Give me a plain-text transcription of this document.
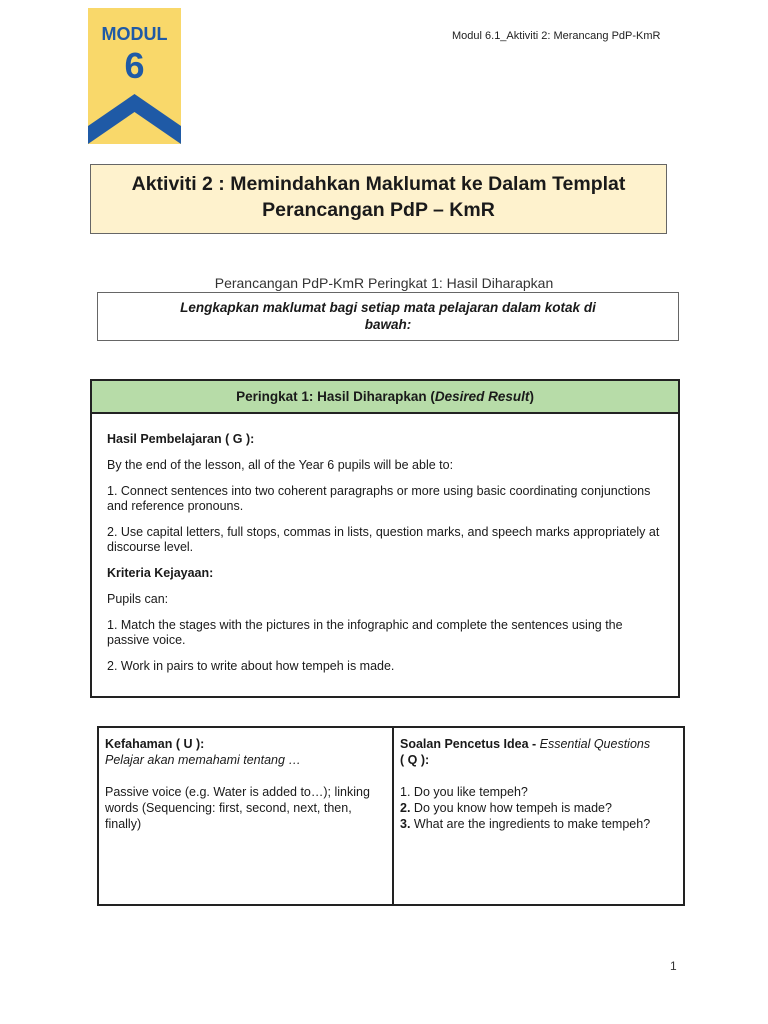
MODUL
6
Modul 6.1_Aktiviti 2: Merancang PdP-KmR
Aktiviti 2 : Memindahkan Maklumat ke Dalam Templat
Perancangan PdP – KmR
Perancangan PdP-KmR Peringkat 1: Hasil Diharapkan
Lengkapkan maklumat bagi setiap mata pelajaran dalam kotak di bawah:
Peringkat 1: Hasil Diharapkan (Desired Result)

Hasil Pembelajaran ( G ):

By the end of the lesson, all of the Year 6 pupils will be able to:

1. Connect sentences into two coherent paragraphs or more using basic coordinating conjunctions and reference pronouns.

2. Use capital letters, full stops, commas in lists, question marks, and speech marks appropriately at discourse level.

Kriteria Kejayaan:

Pupils can:

1. Match the stages with the pictures in the infographic and complete the sentences using the passive voice.

2. Work in pairs to write about how tempeh is made.

Kefahaman ( U ):
Pelajar akan memahami tentang …
Passive voice (e.g. Water is added to…); linking words (Sequencing: first, second, next, then, finally)
Soalan Pencetus Idea - Essential Questions
( Q ):
1. Do you like tempeh?
2. Do you know how tempeh is made?
3. What are the ingredients to make tempeh?
1
